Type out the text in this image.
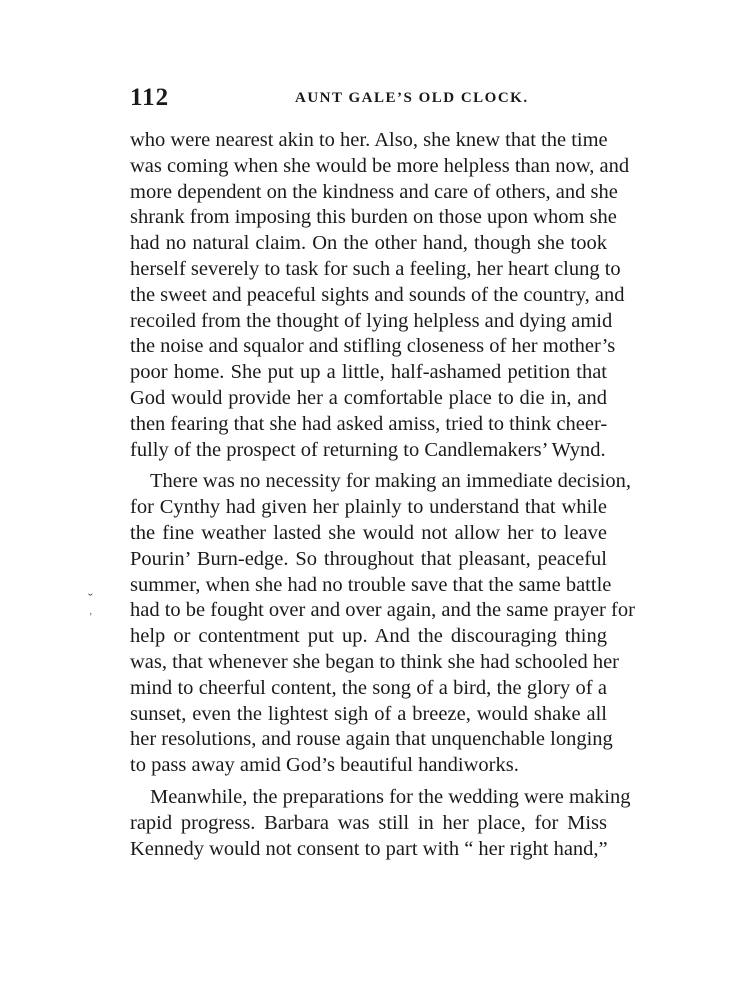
112	AUNT GALE’S OLD CLOCK.
ˇ
’

who were nearest akin to her. Also, she knew that the time
was coming when she would be more helpless than now, and
more dependent on the kindness and care of others, and she
shrank from imposing this burden on those upon whom she
had no natural claim. On the other hand, though she took
herself severely to task for such a feeling, her heart clung to
the sweet and peaceful sights and sounds of the country, and
recoiled from the thought of lying helpless and dying amid
the noise and squalor and stifling closeness of her mother’s
poor home. She put up a little, half-ashamed petition that
God would provide her a comfortable place to die in, and
then fearing that she had asked amiss, tried to think cheer-
fully of the prospect of returning to Candlemakers’ Wynd.

There was no necessity for making an immediate decision,
for Cynthy had given her plainly to understand that while
the fine weather lasted she would not allow her to leave
Pourin’ Burn-edge. So throughout that pleasant, peaceful
summer, when she had no trouble save that the same battle
had to be fought over and over again, and the same prayer for
help or contentment put up. And the discouraging thing
was, that whenever she began to think she had schooled her
mind to cheerful content, the song of a bird, the glory of a
sunset, even the lightest sigh of a breeze, would shake all
her resolutions, and rouse again that unquenchable longing
to pass away amid God’s beautiful handiworks.

Meanwhile, the preparations for the wedding were making
rapid progress. Barbara was still in her place, for Miss
Kennedy would not consent to part with “ her right hand,”
